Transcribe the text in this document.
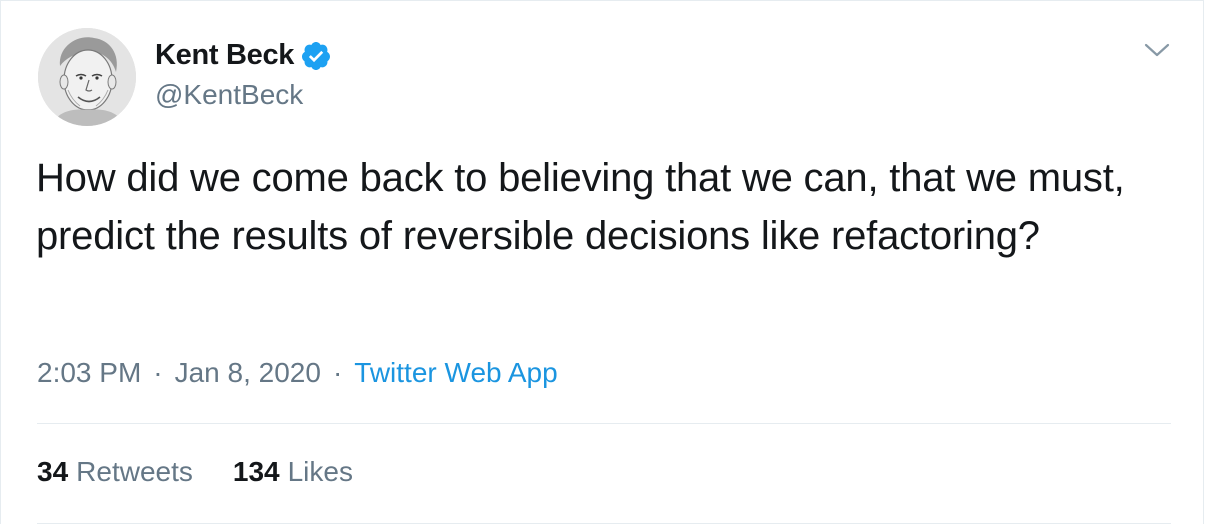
Kent Beck
@KentBeck

How did we come back to believing that we can, that we must, predict the results of reversible decisions like refactoring?

2:03 PM · Jan 8, 2020 · Twitter Web App
34 Retweets 134 Likes
